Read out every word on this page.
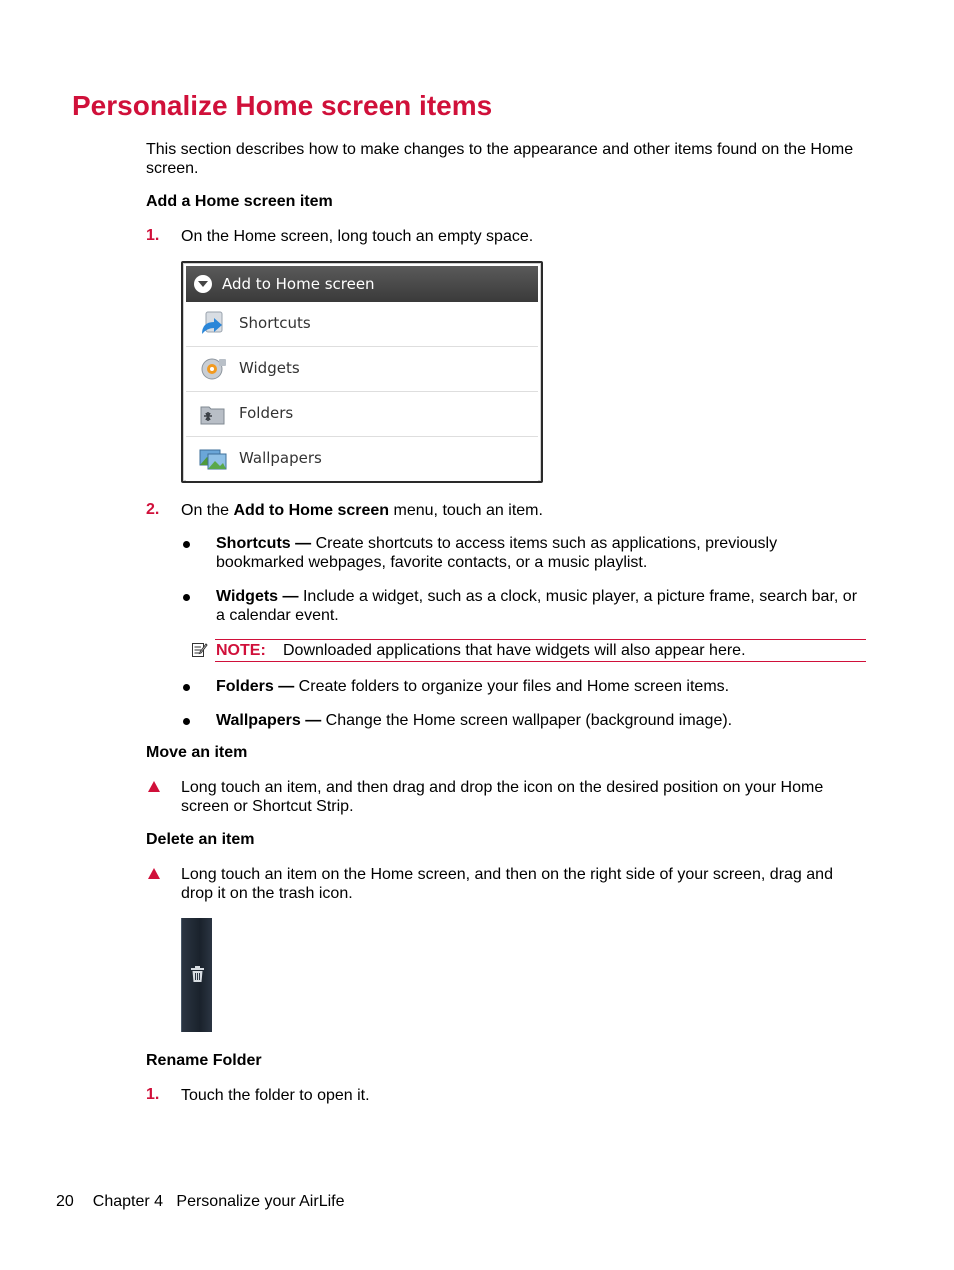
Personalize Home screen items
This section describes how to make changes to the appearance and other items found on the Home screen.
Add a Home screen item
1. On the Home screen, long touch an empty space.
Add to Home screen
Shortcuts
Widgets
Folders
Wallpapers
2. On the Add to Home screen menu, touch an item.
Shortcuts — Create shortcuts to access items such as applications, previously bookmarked webpages, favorite contacts, or a music playlist.
Widgets — Include a widget, such as a clock, music player, a picture frame, search bar, or a calendar event.
NOTE: Downloaded applications that have widgets will also appear here.
Folders — Create folders to organize your files and Home screen items.
Wallpapers — Change the Home screen wallpaper (background image).
Move an item
Long touch an item, and then drag and drop the icon on the desired position on your Home screen or Shortcut Strip.
Delete an item
Long touch an item on the Home screen, and then on the right side of your screen, drag and drop it on the trash icon.
Rename Folder
1. Touch the folder to open it.
20 Chapter 4   Personalize your AirLife
